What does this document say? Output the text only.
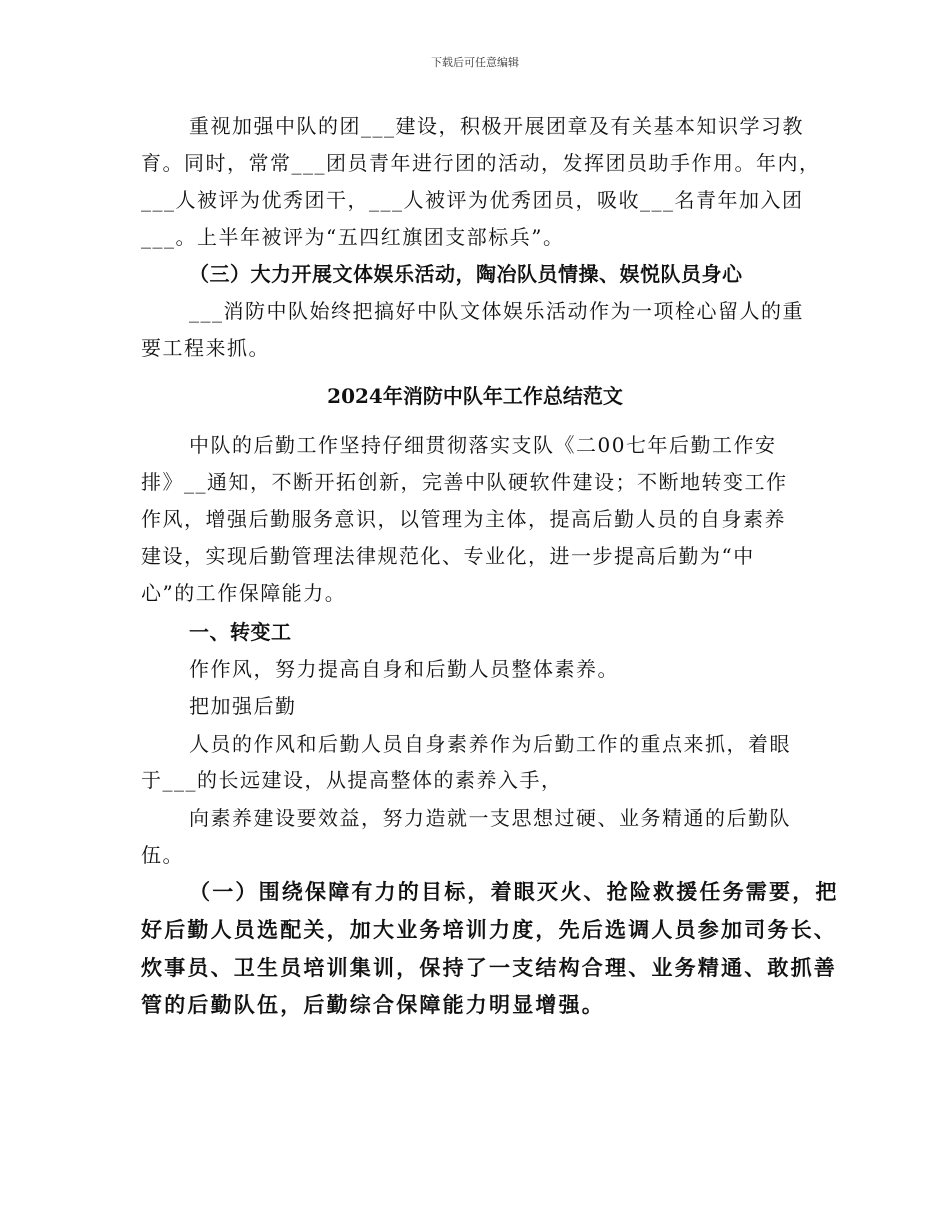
下载后可任意编辑
重视加强中队的团___建设，积极开展团章及有关基本知识学习教
育。同时，常常___团员青年进行团的活动，发挥团员助手作用。年内，
___人被评为优秀团干，___人被评为优秀团员，吸收___名青年加入团
___。上半年被评为“五四红旗团支部标兵”。
（三）大力开展文体娱乐活动，陶冶队员情操、娱悦队员身心
___消防中队始终把搞好中队文体娱乐活动作为一项栓心留人的重
要工程来抓。
2024年消防中队年工作总结范文
中队的后勤工作坚持仔细贯彻落实支队《二00七年后勤工作安
排》__通知，不断开拓创新，完善中队硬软件建设；不断地转变工作
作风，增强后勤服务意识，以管理为主体，提高后勤人员的自身素养
建设，实现后勤管理法律规范化、专业化，进一步提高后勤为“中
心”的工作保障能力。
一、转变工
作作风，努力提高自身和后勤人员整体素养。
把加强后勤
人员的作风和后勤人员自身素养作为后勤工作的重点来抓，着眼
于___的长远建设，从提高整体的素养入手，
向素养建设要效益，努力造就一支思想过硬、业务精通的后勤队
伍。
（一）围绕保障有力的目标，着眼灭火、抢险救援任务需要，把
好后勤人员选配关，加大业务培训力度，先后选调人员参加司务长、
炊事员、卫生员培训集训，保持了一支结构合理、业务精通、敢抓善
管的后勤队伍，后勤综合保障能力明显增强。
